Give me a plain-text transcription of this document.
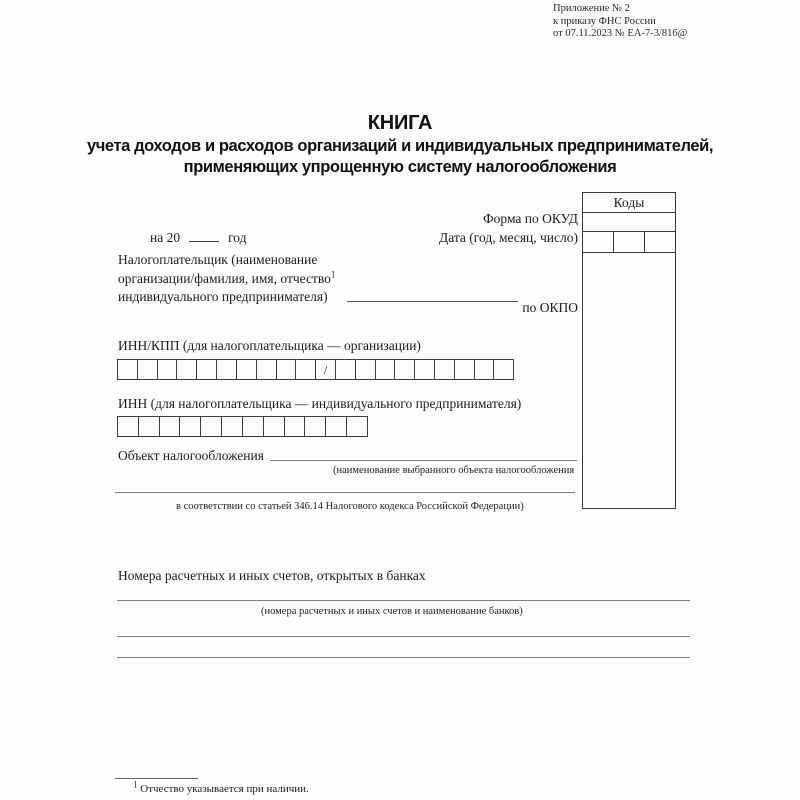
Приложение № 2
к приказу ФНС России
от 07.11.2023 № ЕА-7-3/816@
КНИГА
учета доходов и расходов организаций и индивидуальных предпринимателей,
применяющих упрощенную систему налогообложения
Коды
Форма по ОКУД
Дата (год, месяц, число)
по ОКПО
на 20	год
Налогоплательщик (наименование
организации/фамилия, имя, отчество$^1$
индивидуального предпринимателя)
ИНН/КПП (для налогоплательщика — организации)
/
ИНН (для налогоплательщика — индивидуального предпринимателя)
Объект налогообложения
(наименование выбранного объекта налогообложения
в соответствии со статьей 346.14 Налогового кодекса Российской Федерации)
Номера расчетных и иных счетов, открытых в банках
(номера расчетных и иных счетов и наименование банков)
$^1$ Отчество указывается при наличии.
